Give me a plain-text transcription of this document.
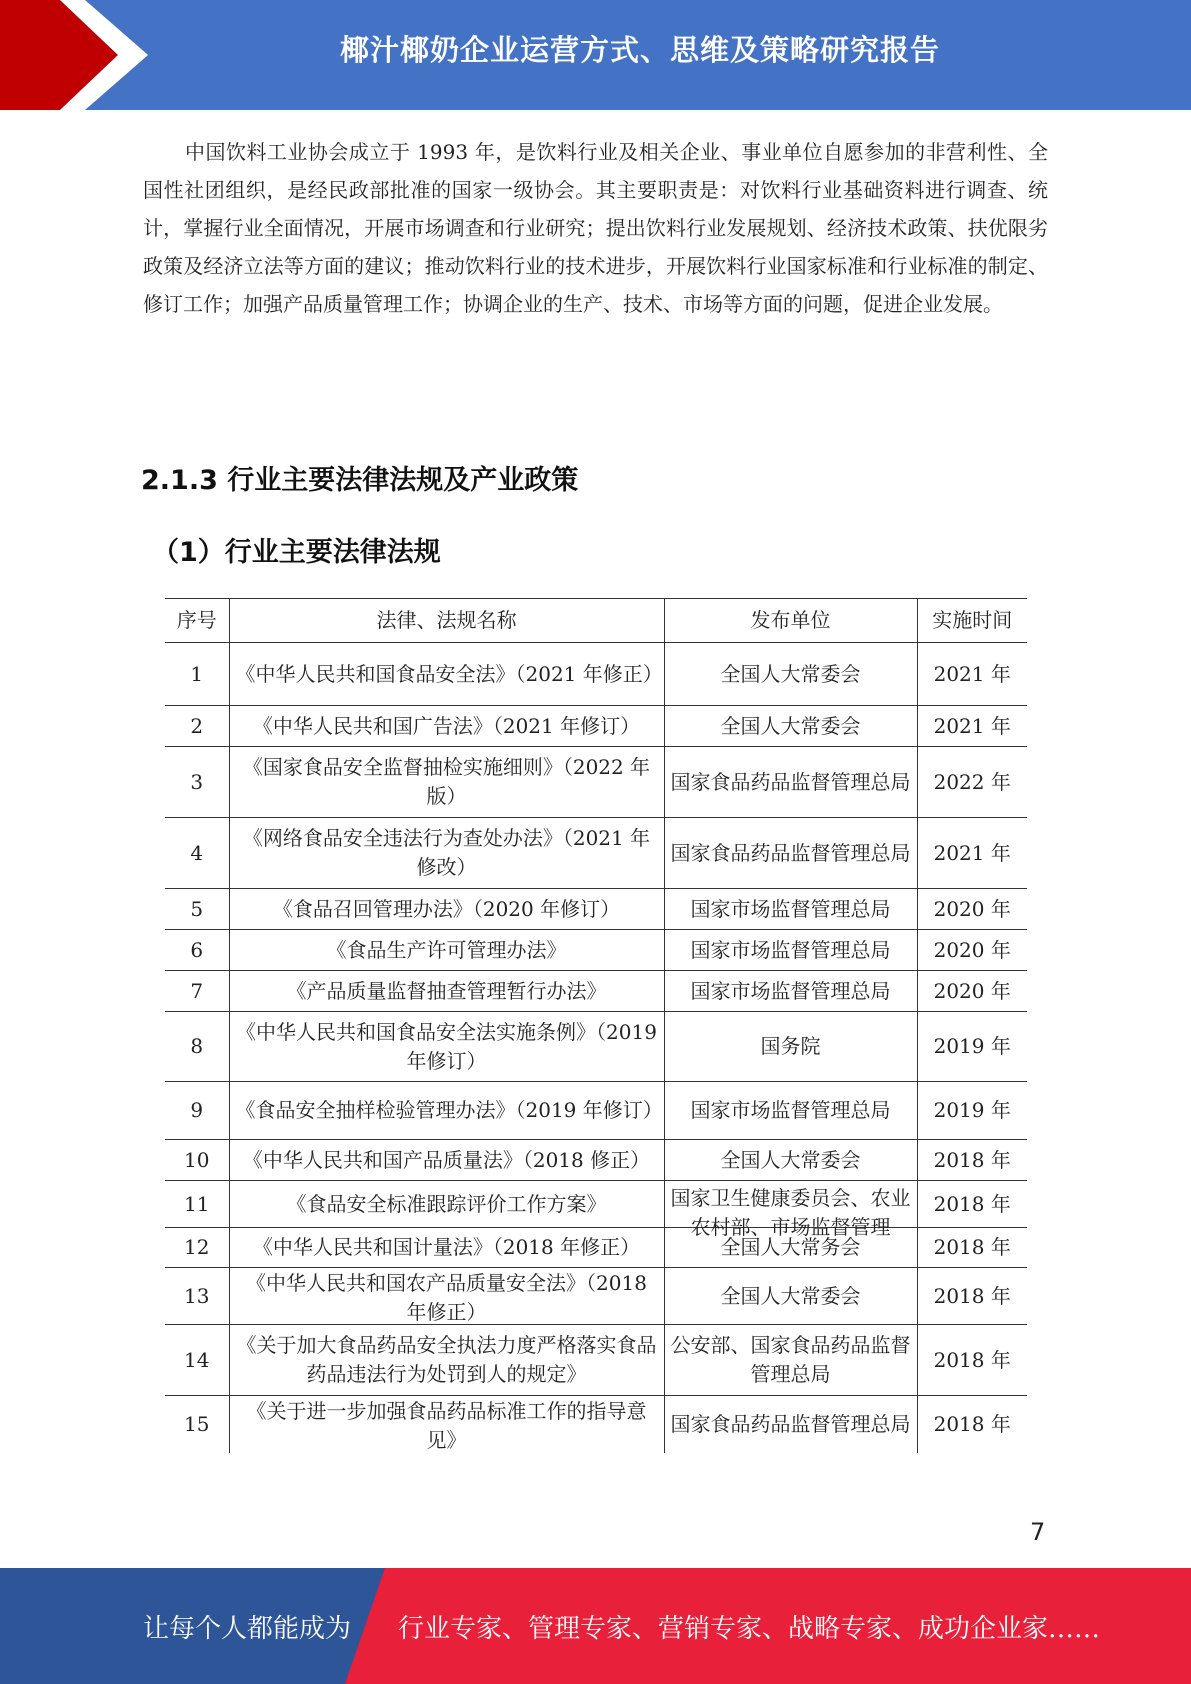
椰汁椰奶企业运营方式、思维及策略研究报告

中国饮料工业协会成立于 1993 年，是饮料行业及相关企业、事业单位自愿参加的非营利性、全国性社团组织，是经民政部批准的国家一级协会。其主要职责是：对饮料行业基础资料进行调查、统计，掌握行业全面情况，开展市场调查和行业研究；提出饮料行业发展规划、经济技术政策、扶优限劣政策及经济立法等方面的建议；推动饮料行业的技术进步，开展饮料行业国家标准和行业标准的制定、修订工作；加强产品质量管理工作；协调企业的生产、技术、市场等方面的问题，促进企业发展。

2.1.3 行业主要法律法规及产业政策
（1）行业主要法律法规
序号	法律、法规名称	发布单位	实施时间
1	《中华人民共和国食品安全法》（2021 年修正）	全国人大常委会	2021 年
2	《中华人民共和国广告法》（2021 年修订）	全国人大常委会	2021 年
3	《国家食品安全监督抽检实施细则》（2022 年版）	国家食品药品监督管理总局	2022 年
4	《网络食品安全违法行为查处办法》（2021 年修改）	国家食品药品监督管理总局	2021 年
5	《食品召回管理办法》（2020 年修订）	国家市场监督管理总局	2020 年
6	《食品生产许可管理办法》	国家市场监督管理总局	2020 年
7	《产品质量监督抽查管理暂行办法》	国家市场监督管理总局	2020 年
8	《中华人民共和国食品安全法实施条例》（2019 年修订）	国务院	2019 年
9	《食品安全抽样检验管理办法》（2019 年修订）	国家市场监督管理总局	2019 年
10	《中华人民共和国产品质量法》（2018 修正）	全国人大常委会	2018 年
11	《食品安全标准跟踪评价工作方案》	国家卫生健康委员会、农业农村部、市场监督管理	2018 年
12	《中华人民共和国计量法》（2018 年修正）	全国人大常务会	2018 年
13	《中华人民共和国农产品质量安全法》（2018 年修正）	全国人大常委会	2018 年
14	《关于加大食品药品安全执法力度严格落实食品药品违法行为处罚到人的规定》	公安部、国家食品药品监督管理总局	2018 年
15	《关于进一步加强食品药品标准工作的指导意见》	国家食品药品监督管理总局	2018 年
7
让每个人都能成为 行业专家、管理专家、营销专家、战略专家、成功企业家……
